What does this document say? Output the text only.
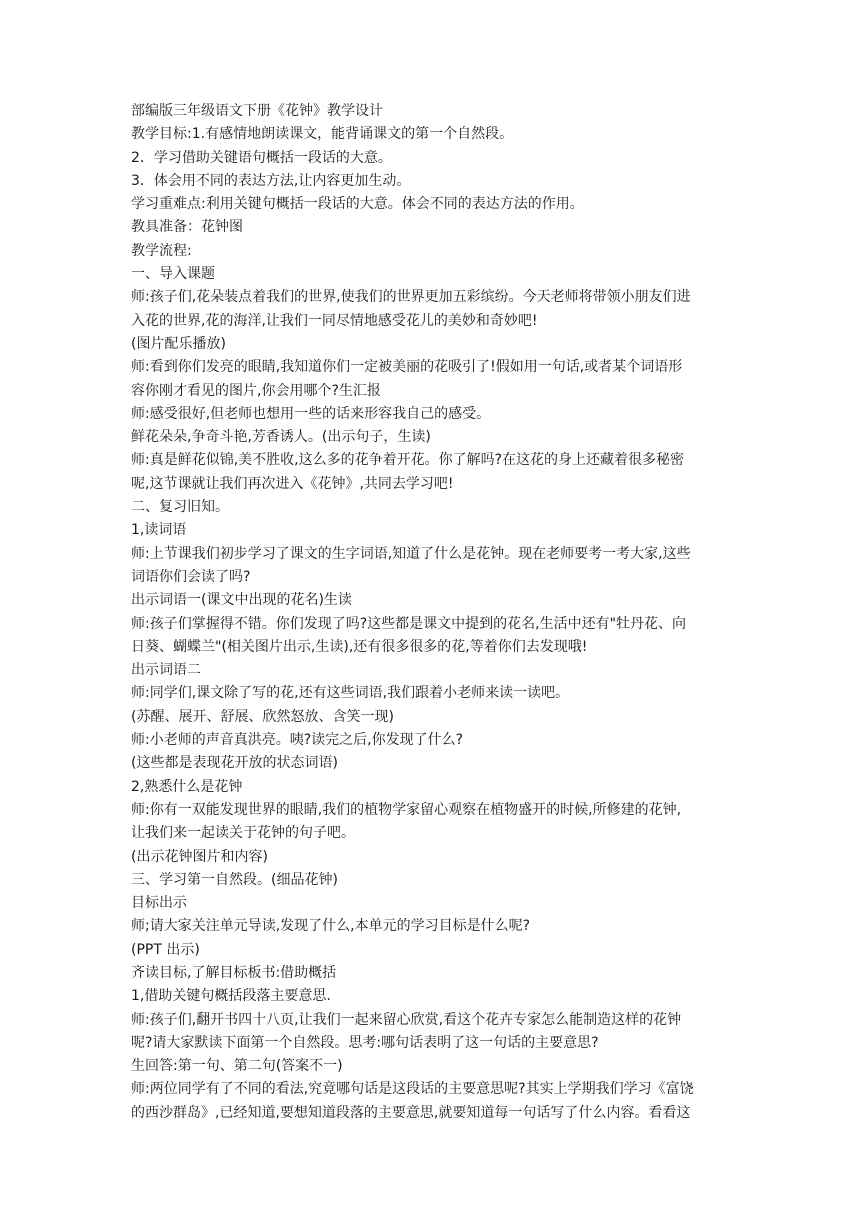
部编版三年级语文下册《花钟》教学设计
教学目标:1.有感情地朗读课文，能背诵课文的第一个自然段。
2．学习借助关键语句概括一段话的大意。
3．体会用不同的表达方法,让内容更加生动。
学习重难点:利用关键句概括一段话的大意。体会不同的表达方法的作用。
教具准备：花钟图
教学流程:
一、导入课题
师:孩子们,花朵装点着我们的世界,使我们的世界更加五彩缤纷。今天老师将带领小朋友们进
入花的世界,花的海洋,让我们一同尽情地感受花儿的美妙和奇妙吧!
(图片配乐播放)
师:看到你们发亮的眼睛,我知道你们一定被美丽的花吸引了!假如用一句话,或者某个词语形
容你刚才看见的图片,你会用哪个?生汇报
师:感受很好,但老师也想用一些的话来形容我自己的感受。
鲜花朵朵,争奇斗艳,芳香诱人。(出示句子，生读)
师:真是鲜花似锦,美不胜收,这么多的花争着开花。你了解吗?在这花的身上还藏着很多秘密
呢,这节课就让我们再次进入《花钟》,共同去学习吧!
二、复习旧知。
1,读词语
师:上节课我们初步学习了课文的生字词语,知道了什么是花钟。现在老师要考一考大家,这些
词语你们会读了吗?
出示词语一(课文中出现的花名)生读
师:孩子们掌握得不错。你们发现了吗?这些都是课文中提到的花名,生活中还有"牡丹花、向
日葵、蝴蝶兰"(相关图片出示,生读),还有很多很多的花,等着你们去发现哦!
出示词语二
师:同学们,课文除了写的花,还有这些词语,我们跟着小老师来读一读吧。
(苏醒、展开、舒展、欣然怒放、含笑一现)
师:小老师的声音真洪亮。咦?读完之后,你发现了什么?
(这些都是表现花开放的状态词语)
2,熟悉什么是花钟
师:你有一双能发现世界的眼睛,我们的植物学家留心观察在植物盛开的时候,所修建的花钟,
让我们来一起读关于花钟的句子吧。
(出示花钟图片和内容)
三、学习第一自然段。(细品花钟)
目标出示
师;请大家关注单元导读,发现了什么,本单元的学习目标是什么呢?
(PPT 出示)
齐读目标,了解目标板书:借助概括
1,借助关键句概括段落主要意思.
师:孩子们,翻开书四十八页,让我们一起来留心欣赏,看这个花卉专家怎么能制造这样的花钟
呢?请大家默读下面第一个自然段。思考:哪句话表明了这一句话的主要意思?
生回答:第一句、第二句(答案不一)
师:两位同学有了不同的看法,究竟哪句话是这段话的主要意思呢?其实上学期我们学习《富饶
的西沙群岛》,已经知道,要想知道段落的主要意思,就要知道每一句话写了什么内容。看看这
